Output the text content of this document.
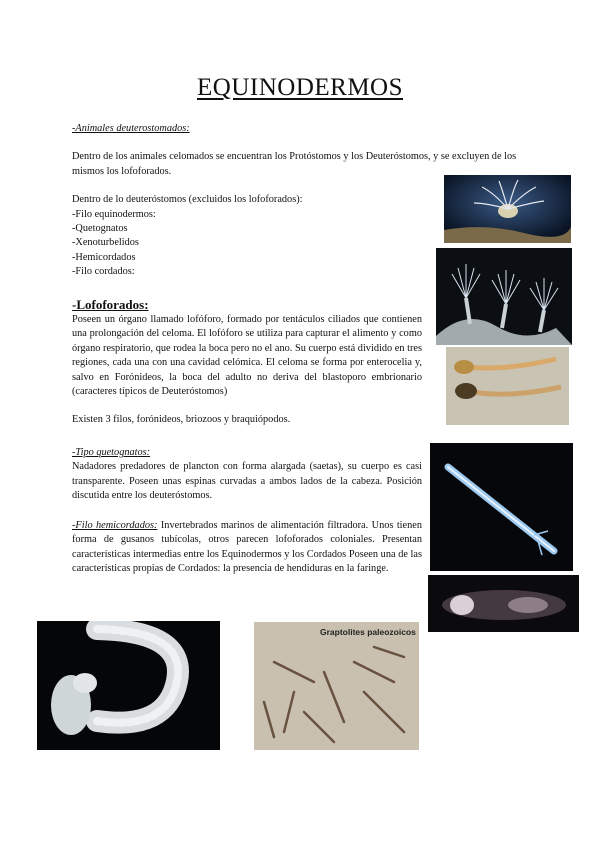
EQUINODERMOS

-Animales deuterostomados:

Dentro de los animales celomados se encuentran los Protóstomos y los Deuteróstomos, y se excluyen de los mismos los lofoforados.

Dentro de lo deuteróstomos (excluidos los lofoforados):

-Filo equinodermos:

-Quetognatos

-Xenoturbelidos

-Hemicordados

-Filo cordados:

-Lofoforados:

Poseen un órgano llamado lofóforo, formado por tentáculos ciliados que contienen una prolongación del celoma. El lofóforo se utiliza para capturar el alimento y como órgano respiratorio, que rodea la boca pero no el ano. Su cuerpo está dividido en tres regiones, cada una con una cavidad celómica. El celoma se forma por enterocelia y, salvo en Forónideos, la boca del adulto no deriva del blastoporo embrionario (caracteres típicos de Deuteróstomos)

Existen 3 filos, forónideos, briozoos y braquiópodos.

-Tipo quetognatos:

Nadadores predadores de plancton con forma alargada (saetas), su cuerpo es casi transparente. Poseen unas espinas curvadas a ambos lados de la cabeza. Posición discutida entre los deuteróstomos.

-Filo hemicordados: Invertebrados marinos de alimentación filtradora. Unos tienen forma de gusanos tubícolas, otros parecen lofoforados coloniales. Presentan características intermedias entre los Equinodermos y los Cordados Poseen una de las características propias de Cordados: la presencia de hendiduras en la faringe.

Graptolites paleozoicos
